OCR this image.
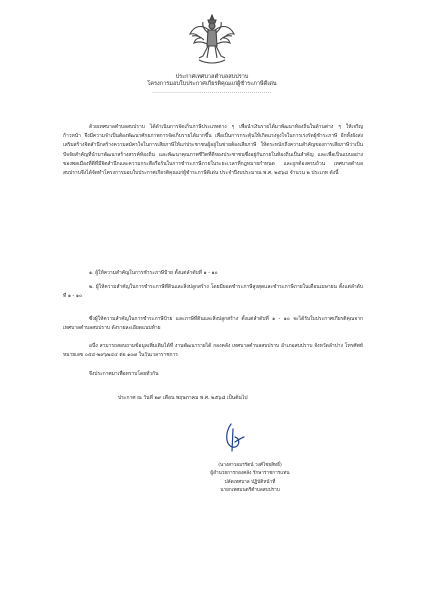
ประกาศเทศบาลตำบลสบปราบ
โครงการมอบใบประกาศเกียรติคุณแก่ผู้ชำระภาษีดีเด่น
............................................................

ด้วยเทศบาลตำบลสบปราบ ได้ดำเนินการจัดเก็บภาษีประเภทต่าง ๆ เพื่อนำเงินรายได้มาพัฒนาท้องถิ่นในด้านต่าง ๆ ให้เจริญก้าวหน้า จึงมีความจำเป็นต้องพัฒนาศักยภาพการจัดเก็บรายได้มากขึ้น เพื่อเป็นการกระตุ้นให้เกิดแรงจูงใจในการเร่งรัดผู้ชำระภาษี อีกทั้งยังส่งเสริมสร้างจิตสำนึกสร้างความสมัครใจในการเสียภาษีให้แก่ประชาชนผู้อยู่ในข่ายต้องเสียภาษี ให้ตระหนักถึงความสำคัญของการเสียภาษีว่าเป็นปัจจัยสำคัญที่นำมาพัฒนาสร้างสรรค์ท้องถิ่น และพัฒนาคุณภาพชีวิตที่ดีของประชาชนซึ่งอยู่กับภายในท้องถิ่นเป็นสำคัญ และเพื่อเป็นแบบอย่างของพลเมืองที่ดีที่มีจิตสำนึกและความกระตือรือร้นในการชำระภาษีภายในระยะเวลาที่กฎหมายกำหนด และถูกต้องครบถ้วน เทศบาลตำบลสบปราบจึงได้จัดทำโครงการมอบใบประกาศเกียรติคุณแก่ผู้ชำระภาษีดีเด่น ประจำปีงบประมาณ พ.ศ. ๒๕๖๘ จำนวน ๒ ประเภท ดังนี้

๑. ผู้ให้ความสำคัญในการชำระภาษีป้าย ตั้งแต่ลำดับที่ ๑ - ๑๐

๒. ผู้ให้ความสำคัญในการชำระภาษีที่ดินและสิ่งปลูกสร้าง โดยมียอดชำระภาษีสูงสุดและชำระภาษีภายในเดือนเมษายน ตั้งแต่ลำดับที่ ๑ - ๑๐

ซึ่งผู้ให้ความสำคัญในการชำระภาษีป้าย และภาษีที่ดินและสิ่งปลูกสร้าง ตั้งแต่ลำดับที่ ๑ - ๑๐ จะได้รับใบประกาศเกียรติคุณจากเทศบาลตำบลสบปราบ ดังรายละเอียดแนบท้าย

อนึ่ง สามารถสอบถามข้อมูลเพิ่มเติมได้ที่ งานพัฒนารายได้ กองคลัง เทศบาลตำบลสบปราบ อำเภอสบปราบ จังหวัดลำปาง โทรศัพท์หมายเลข ๐๕๔-๒๙๖๒๔๔ ต่อ ๑๐๗ ในวันเวลาราชการ

จึงประกาศมาเพื่อทราบโดยทั่วกัน

ประกาศ ณ วันที่ ๒๙ เดือน พฤษภาคม พ.ศ. ๒๕๖๘ เป็นต้นไป
(นางสาวอมรรัตน์ วงศ์ไชยสิทธิ์)
ผู้อำนวยการกองคลัง รักษาราชการแทน
ปลัดเทศบาล ปฏิบัติหน้าที่
นายกเทศมนตรีตำบลสบปราบ
